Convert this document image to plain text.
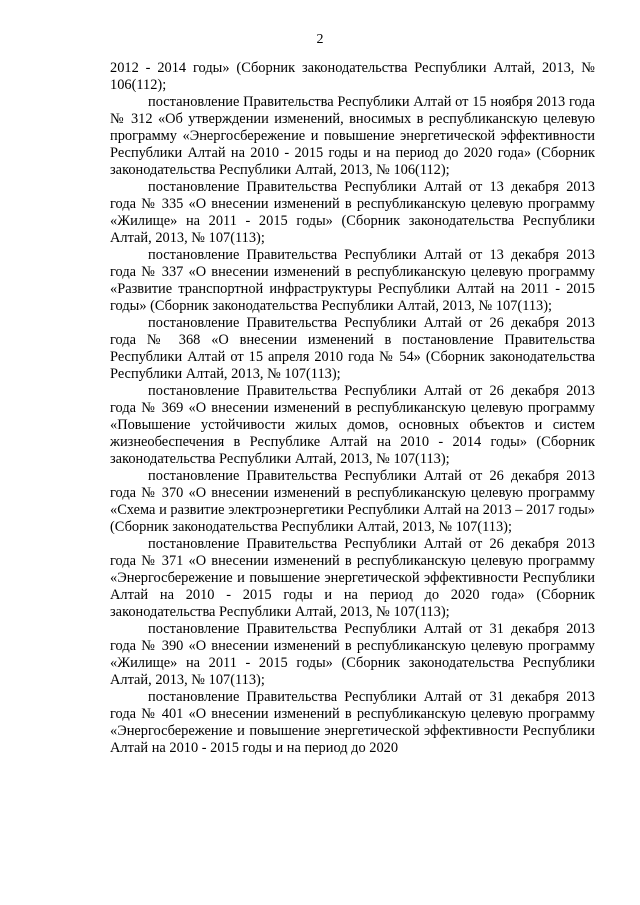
2

2012 - 2014 годы» (Сборник законодательства Республики Алтай, 2013, № 106(112);

постановление Правительства Республики Алтай от 15 ноября 2013 года № 312 «Об утверждении изменений, вносимых в республиканскую целевую программу «Энергосбережение и повышение энергетической эффективности Республики Алтай на 2010 - 2015 годы и на период до 2020 года» (Сборник законодательства Республики Алтай, 2013, № 106(112);

постановление Правительства Республики Алтай от 13 декабря 2013 года № 335 «О внесении изменений в республиканскую целевую программу «Жилище» на 2011 - 2015 годы» (Сборник законодательства Республики Алтай, 2013, № 107(113);

постановление Правительства Республики Алтай от 13 декабря 2013 года № 337 «О внесении изменений в республиканскую целевую программу «Развитие транспортной инфраструктуры Республики Алтай на 2011 - 2015 годы» (Сборник законодательства Республики Алтай, 2013, № 107(113);

постановление Правительства Республики Алтай от 26 декабря 2013 года № 368 «О внесении изменений в постановление Правительства Республики Алтай от 15 апреля 2010 года № 54» (Сборник законодательства Республики Алтай, 2013, № 107(113);

постановление Правительства Республики Алтай от 26 декабря 2013 года № 369 «О внесении изменений в республиканскую целевую программу «Повышение устойчивости жилых домов, основных объектов и систем жизнеобеспечения в Республике Алтай на 2010 - 2014 годы» (Сборник законодательства Республики Алтай, 2013, № 107(113);

постановление Правительства Республики Алтай от 26 декабря 2013 года № 370 «О внесении изменений в республиканскую целевую программу «Схема и развитие электроэнергетики Республики Алтай на 2013 – 2017 годы» (Сборник законодательства Республики Алтай, 2013, № 107(113);

постановление Правительства Республики Алтай от 26 декабря 2013 года № 371 «О внесении изменений в республиканскую целевую программу «Энергосбережение и повышение энергетической эффективности Республики Алтай на 2010 - 2015 годы и на период до 2020 года» (Сборник законодательства Республики Алтай, 2013, № 107(113);

постановление Правительства Республики Алтай от 31 декабря 2013 года № 390 «О внесении изменений в республиканскую целевую программу «Жилище» на 2011 - 2015 годы» (Сборник законодательства Республики Алтай, 2013, № 107(113);

постановление Правительства Республики Алтай от 31 декабря 2013 года № 401 «О внесении изменений в республиканскую целевую программу «Энергосбережение и повышение энергетической эффективности Республики Алтай на 2010 - 2015 годы и на период до 2020
